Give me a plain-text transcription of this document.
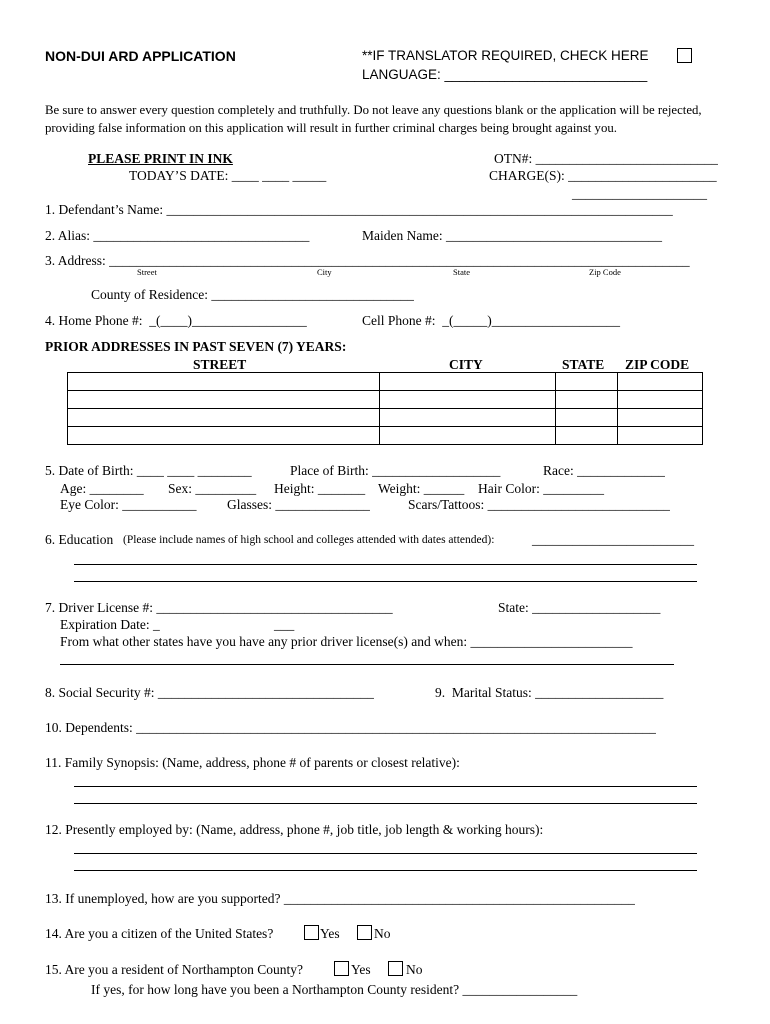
NON-DUI ARD APPLICATION	**IF TRANSLATOR REQUIRED, CHECK HERE
LANGUAGE: ___________________________
Be sure to answer every question completely and truthfully. Do not leave any questions blank or the application will be rejected, providing false information on this application will result in further criminal charges being brought against you.
PLEASE PRINT IN INK
TODAY’S DATE: ____ ____ _____
OTN#: ___________________________
CHARGE(S): ______________________
____________________
1. Defendant’s Name: ___________________________________________________________________________
2. Alias: ________________________________	Maiden Name: ________________________________
3. Address: ______________________________________________________________________________________
Street	City	State	Zip Code
County of Residence: ______________________________
4. Home Phone #:  _(____)_________________	Cell Phone #:  _(_____)___________________
PRIOR ADDRESSES IN PAST SEVEN (7) YEARS:
STREET	CITY	STATE ZIP CODE

5. Date of Birth: ____ ____ ________	Place of Birth: ___________________	Race: _____________
Age: ________ Sex: _________ Height: _______ Weight: ______ Hair Color: _________
Eye Color: ___________ Glasses: ______________	Scars/Tattoos: ___________________________
6. Education (Please include names of high school and colleges attended with dates attended):	________________________
7. Driver License #: ___________________________________	State: ___________________
Expiration Date: _	___
From what other states have you have any prior driver license(s) and when: ________________________
8. Social Security #: ________________________________	9.  Marital Status: ___________________
10. Dependents: _____________________________________________________________________________
11. Family Synopsis: (Name, address, phone # of parents or closest relative):
12. Presently employed by: (Name, address, phone #, job title, job length & working hours):
13. If unemployed, how are you supported? ____________________________________________________
14. Are you a citizen of the United States?	Yes	No
15. Are you a resident of Northampton County?	Yes	No
If yes, for how long have you been a Northampton County resident? _________________
